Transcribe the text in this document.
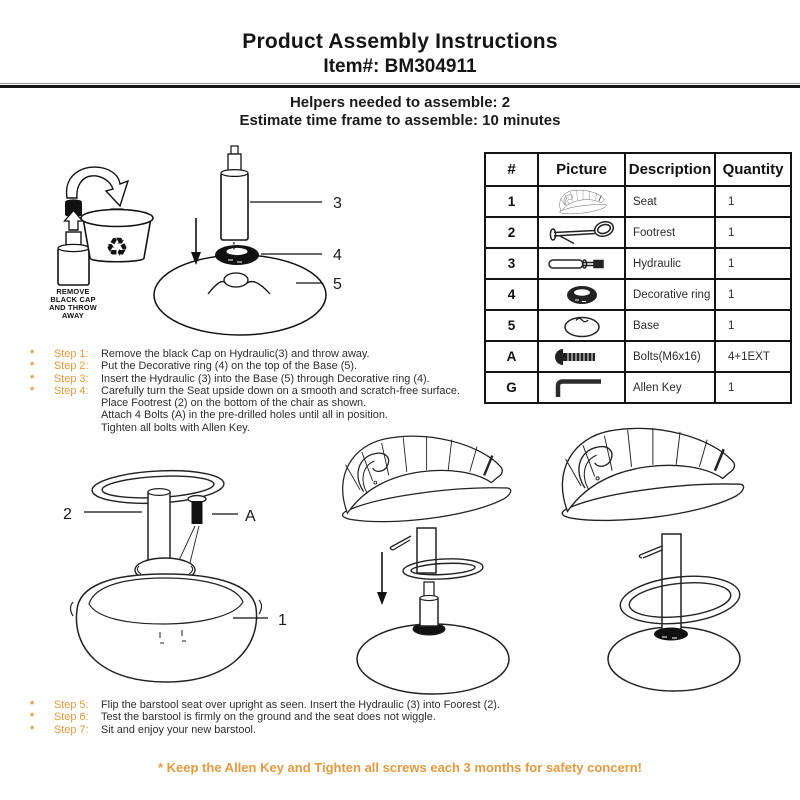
Product Assembly Instructions
Item#: BM304911
Helpers needed to assemble: 2
Estimate time frame to assemble: 10 minutes
♻
REMOVE
BLACK CAP
AND THROW
AWAY
3
4
5
#	Picture	Description	Quantity
1		Seat	1
2		Footrest	1
3		Hydraulic	1
4		Decorative ring	1
5		Base	1
A		Bolts(M6x16)	4+1EXT
G		Allen Key	1
*	Step 1:	Remove the black Cap on Hydraulic(3) and throw away.
*	Step 2:	Put the Decorative ring (4) on the top of the Base (5).
*	Step 3:	Insert the Hydraulic (3) into the Base (5) through Decorative ring (4).
*	Step 4:	Carefully turn the Seat upside down on a smooth and scratch-free surface.
Place Footrest (2) on the bottom of the chair as shown.
Attach 4 Bolts (A) in the pre-drilled holes until all in position.
Tighten all bolts with Allen Key.
2	A
1
*	Step 5:	Flip the barstool seat over upright as seen. Insert the Hydraulic (3) into Foorest (2).
*	Step 6:	Test the barstool is firmly on the ground and the seat does not wiggle.
*	Step 7:	Sit and enjoy your new barstool.
* Keep the Allen Key and Tighten all screws each 3 months for safety concern!
